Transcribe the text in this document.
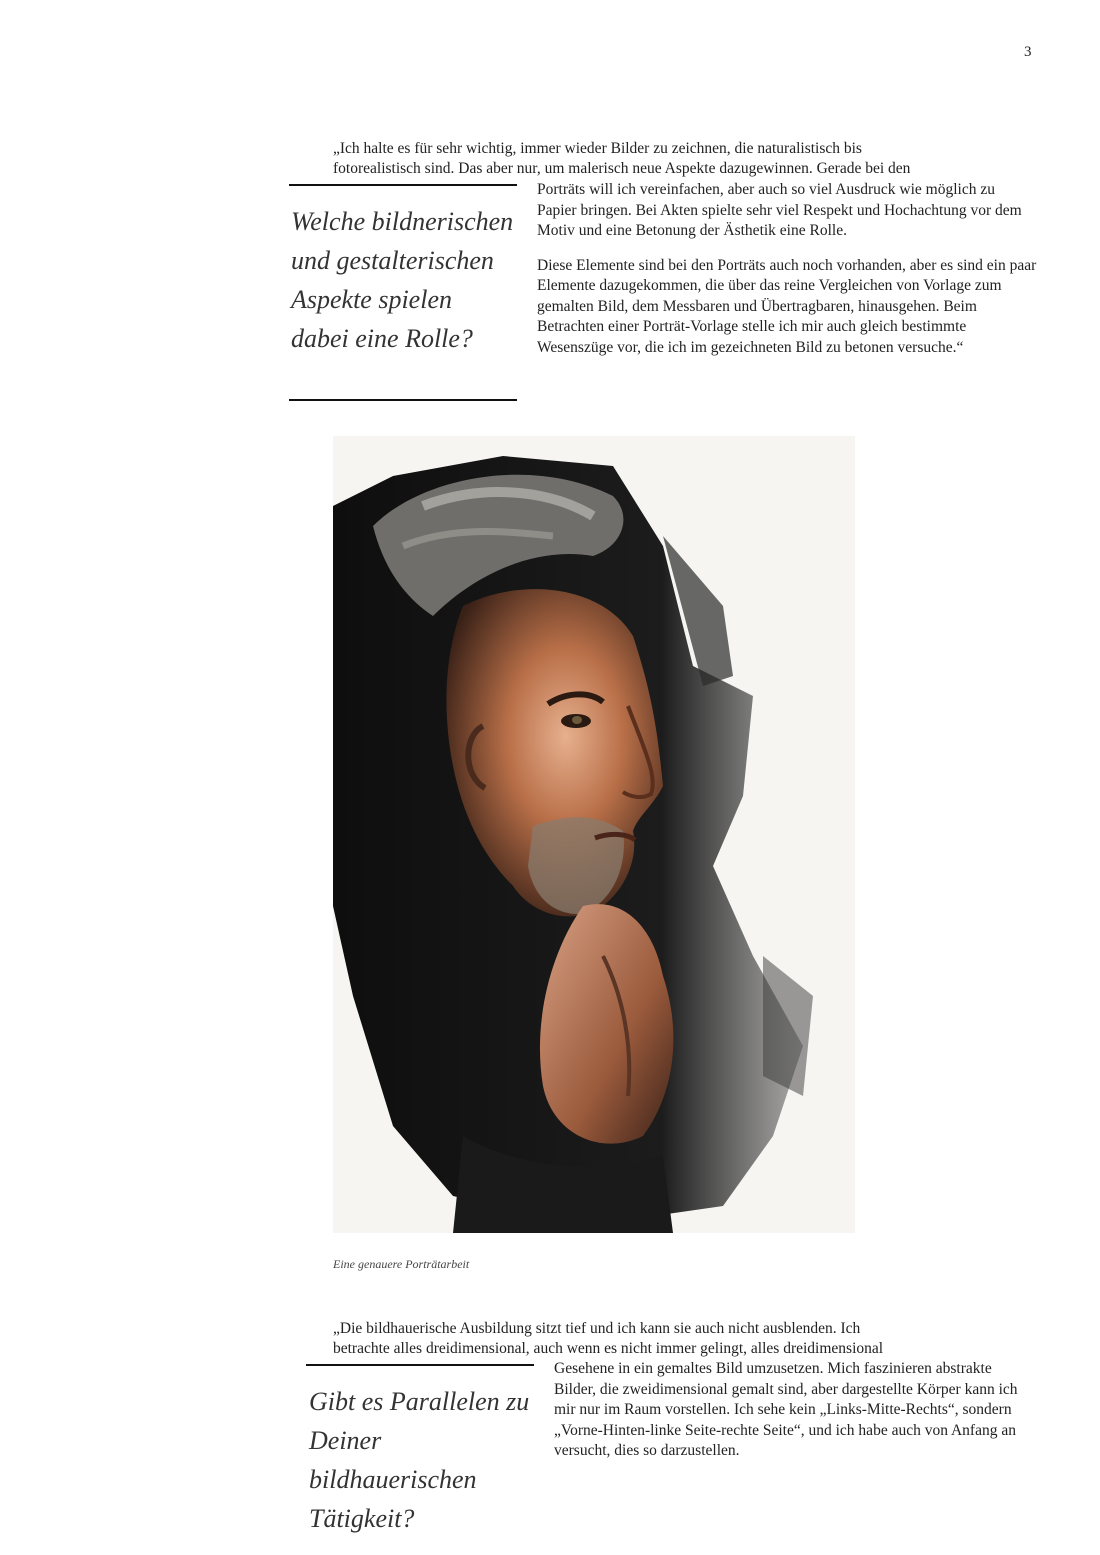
3
„Ich halte es für sehr wichtig, immer wieder Bilder zu zeichnen, die naturalistisch bis
fotorealistisch sind. Das aber nur, um malerisch neue Aspekte dazugewinnen. Gerade bei den
Welche bildnerischen
und gestalterischen
Aspekte spielen
dabei eine Rolle?

Porträts will ich vereinfachen, aber auch so viel Ausdruck wie möglich zu Papier bringen. Bei Akten spielte sehr viel Respekt und Hochachtung vor dem Motiv und eine Betonung der Ästhetik eine Rolle.

Diese Elemente sind bei den Porträts auch noch vorhanden, aber es sind ein paar Elemente dazugekommen, die über das reine Vergleichen von Vorlage zum gemalten Bild, dem Messbaren und Übertragbaren, hinausgehen. Beim Betrachten einer Porträt-Vorlage stelle ich mir auch gleich bestimmte Wesenszüge vor, die ich im gezeichneten Bild zu betonen versuche.“

Eine genauere Porträtarbeit
„Die bildhauerische Ausbildung sitzt tief und ich kann sie auch nicht ausblenden. Ich
betrachte alles dreidimensional, auch wenn es nicht immer gelingt, alles dreidimensional
Gibt es Parallelen zu
Deiner
bildhauerischen
Tätigkeit?

Gesehene in ein gemaltes Bild umzusetzen. Mich faszinieren abstrakte Bilder, die zweidimensional gemalt sind, aber dargestellte Körper kann ich mir nur im Raum vorstellen. Ich sehe kein „Links-Mitte-Rechts“, sondern „Vorne-Hinten-linke Seite-rechte Seite“, und ich habe auch von Anfang an versucht, dies so darzustellen.
